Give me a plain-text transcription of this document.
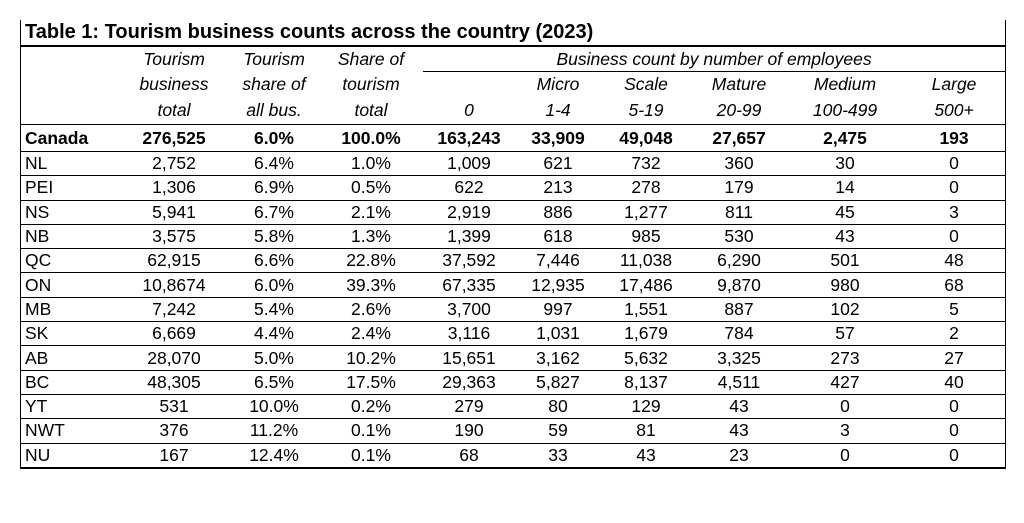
Table 1: Tourism business counts across the country (2023)
	Tourism	Tourism	Share of	Business count by number of employees					
	business	share of	tourism		Micro	Scale	Mature	Medium	Large
	total	all bus.	total	0	1-4	5-19	20-99	100-499	500+
Canada	276,525	6.0%	100.0%	163,243	33,909	49,048	27,657	2,475	193
NL	2,752	6.4%	1.0%	1,009	621	732	360	30	0
PEI	1,306	6.9%	0.5%	622	213	278	179	14	0
NS	5,941	6.7%	2.1%	2,919	886	1,277	811	45	3
NB	3,575	5.8%	1.3%	1,399	618	985	530	43	0
QC	62,915	6.6%	22.8%	37,592	7,446	11,038	6,290	501	48
ON	10,8674	6.0%	39.3%	67,335	12,935	17,486	9,870	980	68
MB	7,242	5.4%	2.6%	3,700	997	1,551	887	102	5
SK	6,669	4.4%	2.4%	3,116	1,031	1,679	784	57	2
AB	28,070	5.0%	10.2%	15,651	3,162	5,632	3,325	273	27
BC	48,305	6.5%	17.5%	29,363	5,827	8,137	4,511	427	40
YT	531	10.0%	0.2%	279	80	129	43	0	0
NWT	376	11.2%	0.1%	190	59	81	43	3	0
NU	167	12.4%	0.1%	68	33	43	23	0	0
